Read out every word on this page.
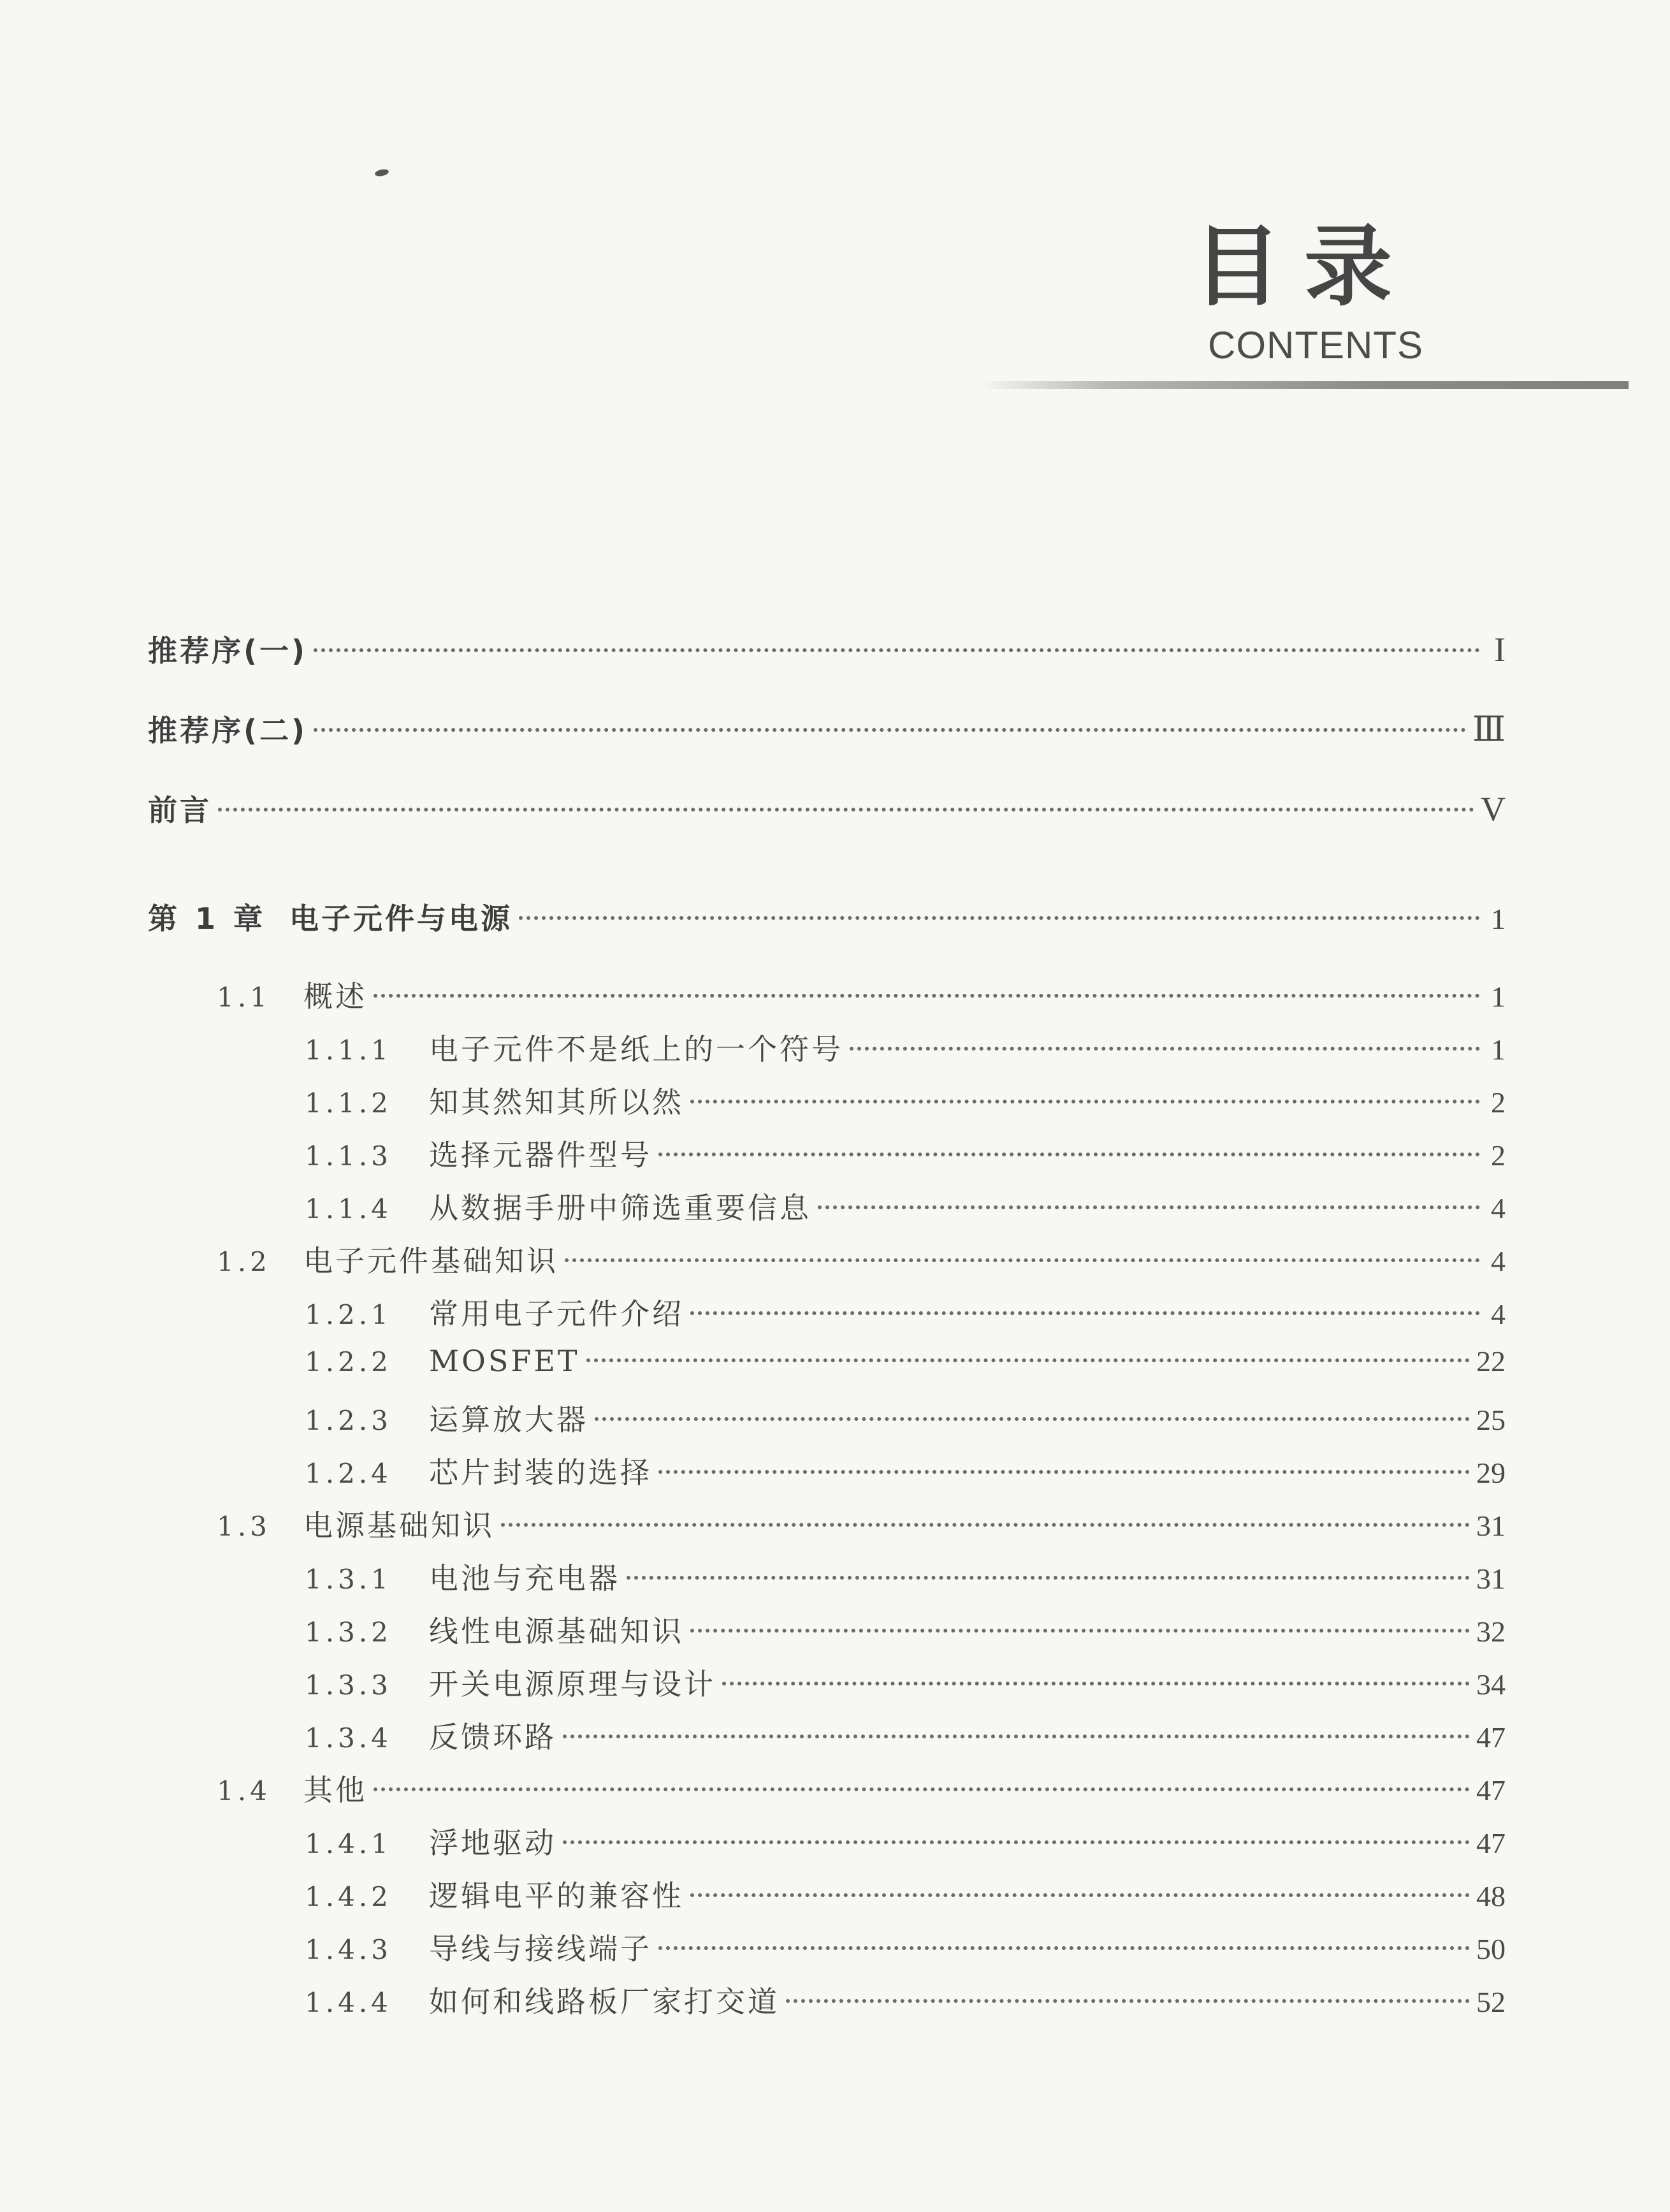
目录
CONTENTS
推荐序(一)	I
推荐序(二)	Ⅲ
前言	V
第 1 章 电子元件与电源	1
1.1	概述	1
1.1.1	电子元件不是纸上的一个符号	1
1.1.2	知其然知其所以然	2
1.1.3	选择元器件型号	2
1.1.4	从数据手册中筛选重要信息	4
1.2	电子元件基础知识	4
1.2.1	常用电子元件介绍	4
1.2.2	MOSFET	22
1.2.3	运算放大器	25
1.2.4	芯片封装的选择	29
1.3	电源基础知识	31
1.3.1	电池与充电器	31
1.3.2	线性电源基础知识	32
1.3.3	开关电源原理与设计	34
1.3.4	反馈环路	47
1.4	其他	47
1.4.1	浮地驱动	47
1.4.2	逻辑电平的兼容性	48
1.4.3	导线与接线端子	50
1.4.4	如何和线路板厂家打交道	52
